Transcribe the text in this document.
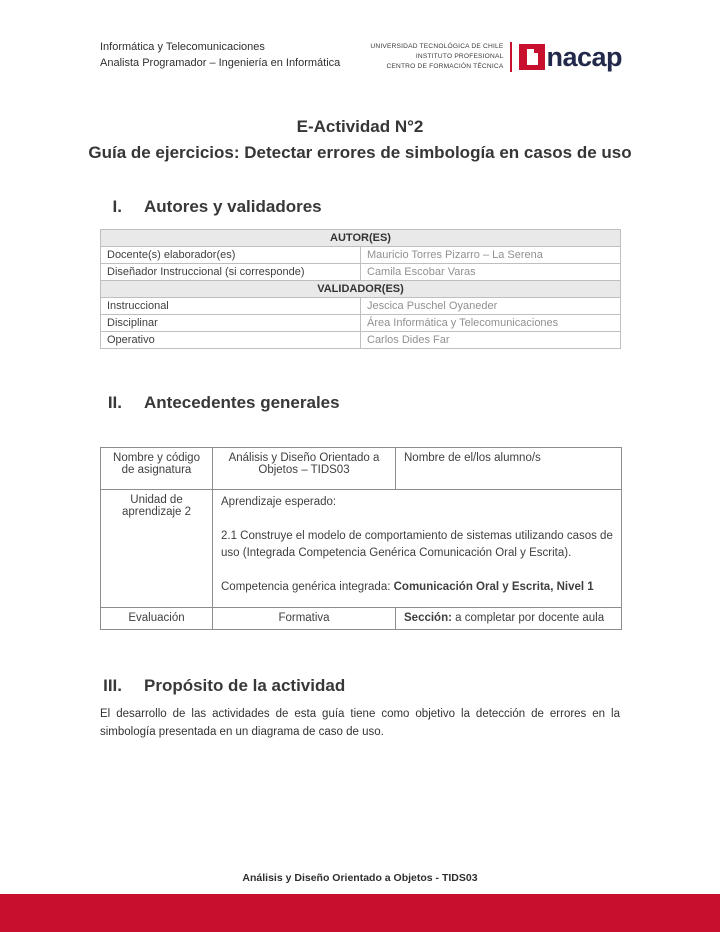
Informática y Telecomunicaciones
Analista Programador – Ingeniería en Informática
UNIVERSIDAD TECNOLÓGICA DE CHILE
INSTITUTO PROFESIONAL
CENTRO DE FORMACIÓN TÉCNICA nacap
E-Actividad N°2
Guía de ejercicios: Detectar errores de simbología en casos de uso
I. Autores y validadores
AUTOR(ES)	
Docente(s) elaborador(es)	Mauricio Torres Pizarro – La Serena
Diseñador Instruccional (si corresponde)	Camila Escobar Varas
VALIDADOR(ES)	
Instruccional	Jescica Puschel Oyaneder
Disciplinar	Área Informática y Telecomunicaciones
Operativo	Carlos Dides Far
II. Antecedentes generales
Nombre y código de asignatura	Análisis y Diseño Orientado a Objetos – TIDS03	Nombre de el/los alumno/s
Unidad de aprendizaje 2	Aprendizaje esperado:

2.1 Construye el modelo de comportamiento de sistemas utilizando casos de uso (Integrada Competencia Genérica Comunicación Oral y Escrita).

Competencia genérica integrada: Comunicación Oral y Escrita, Nivel 1	

Evaluación	Formativa	Sección: a completar por docente aula
III. Propósito de la actividad
El desarrollo de las actividades de esta guía tiene como objetivo la detección de errores en la simbología presentada en un diagrama de caso de uso.
Análisis y Diseño Orientado a Objetos - TIDS03
